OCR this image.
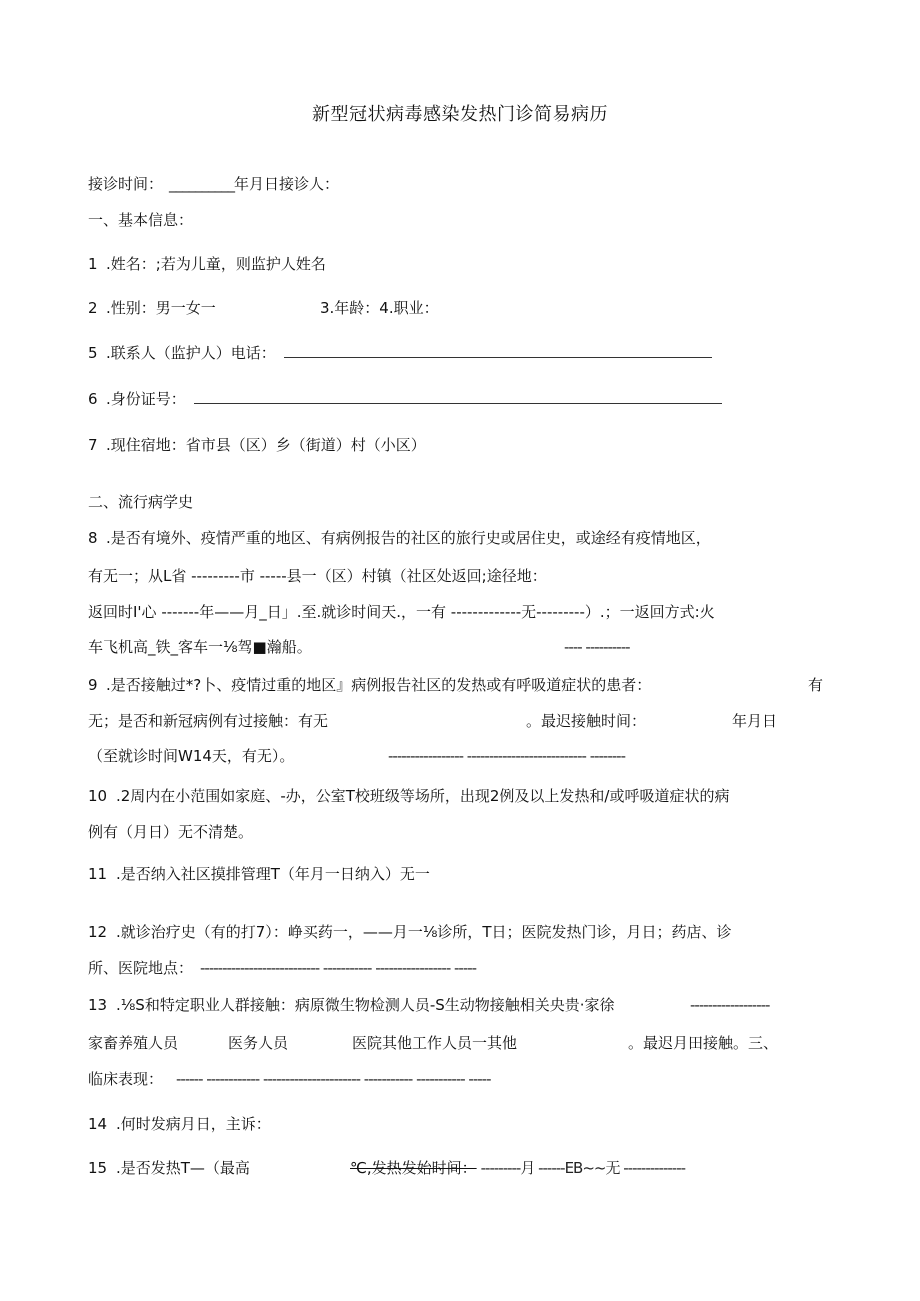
新型冠状病毒感染发热门诊简易病历
接诊时间： __________年月日接诊人：
一、基本信息：
1 .姓名：;若为儿童，则监护人姓名
2 .性别：男一女一	3.年龄：4.职业：
5 .联系人（监护人）电话：
6 .身份证号：
7 .现住宿地：省市县（区）乡（街道）村（小区）
二、流行病学史
8 .是否有境外、疫情严重的地区、有病例报告的社区的旅行史或居住史，或途经有疫情地区，
有无一；从L省 ---------市 -----县一（区）村镇（社区处返回;途径地：
返回时I'心 -------年——月_日」.至.就诊时间天.，一有 -------------无---------）.；一返回方式:火
车飞机高_铁_客车一⅛驾■瀚船。	---- ----------
9 .是否接触过*?卜、疫情过重的地区』病例报告社区的发热或有呼吸道症状的患者：	有
无；是否和新冠病例有过接触：有无	。最迟接触时间：	年月日
（至就诊时间W14天，有无）。	----------------- --------------------------- --------
10 .2周内在小范围如家庭、-办，公室T校班级等场所，出现2例及以上发热和/或呼吸道症状的病
例有（月日）无不清楚。
11 .是否纳入社区摸排管理T（年月一日纳入）无一
12 .就诊治疗史（有的打7）：峥买药一，——月一⅛诊所，T日；医院发热门诊，月日；药店、诊
所、医院地点： --------------------------- ----------- ----------------- -----
13 .⅛S和特定职业人群接触：病原微生物检测人员-S生动物接触相关央贵·家徐	------------------
家畜养殖人员	医务人员	医院其他工作人员一其他	。最迟月田接触。三、
临床表现： ------ ------------ ---------------------- ----------- ----------- -----
14 .何时发病月日，主诉：
15 .是否发热T—（最高	℃,发热发始时间： ---------月 ------EB~~无 --------------
